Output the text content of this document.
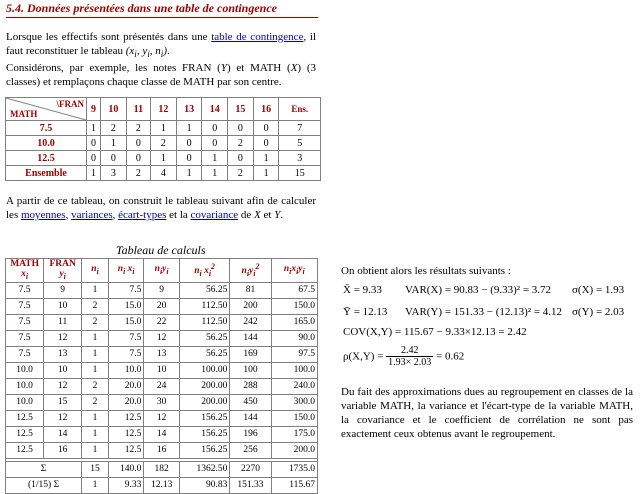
5.4. Données présentées dans une table de contingence
Lorsque les effectifs sont présentés dans une table de contingence, il faut reconstituer le tableau ($x_i$, $y_i$, $n_i$).
Considérons, par exemple, les notes FRAN (Y) et MATH (X) (3 classes) et remplaçons chaque classe de MATH par son centre.
\FRAN
MATH	9	10	11	12	13	14	15	16	Ens.
7.5	1	2	2	1	1	0	0	0	7
10.0	0	1	0	2	0	0	2	0	5
12.5	0	0	0	1	0	1	0	1	3
Ensemble	1	3	2	4	1	1	2	1	15
A partir de ce tableau, on construit le tableau suivant afin de calculer les moyennes, variances, écart-types et la covariance de X et Y.
Tableau de calculs
MATH
$x_i$	FRAN
$y_i$	$n_i$	$n_i$ $x_i$	$n_iy_i$	$n_i$ $x_i^2$	$n_iy_i^2$	$n_ix_iy_i$
7.5	9	1	7.5	9	56.25	81	67.5
7.5	10	2	15.0	20	112.50	200	150.0
7.5	11	2	15.0	22	112.50	242	165.0
7.5	12	1	7.5	12	56.25	144	90.0
7.5	13	1	7.5	13	56.25	169	97.5
10.0	10	1	10.0	10	100.00	100	100.0
10.0	12	2	20.0	24	200.00	288	240.0
10.0	15	2	20.0	30	200.00	450	300.0
12.5	12	1	12.5	12	156.25	144	150.0
12.5	14	1	12.5	14	156.25	196	175.0
12.5	16	1	12.5	16	156.25	256	200.0

Σ		15	140.0	182	1362.50	2270	1735.0
(1/15) Σ		1	9.33	12.13	90.83	151.33	115.67
On obtient alors les résultats suivants :
X̄ = 9.33 VAR(X) = 90.83 − (9.33)² = 3.72 σ(X) = 1.93
Ȳ = 12.13 VAR(Y) = 151.33 − (12.13)² = 4.12 σ(Y) = 2.03
COV(X,Y) = 115.67 − 9.33×12.13 = 2.42
$\rho(X,Y) = \frac{2.42}{1.93\times 2.03} = 0.62$
Du fait des approximations dues au regroupement en classes de la variable MATH, la variance et l'écart-type de la variable MATH, la covariance et le coefficient de corrélation ne sont pas exactement ceux obtenus avant le regroupement.
